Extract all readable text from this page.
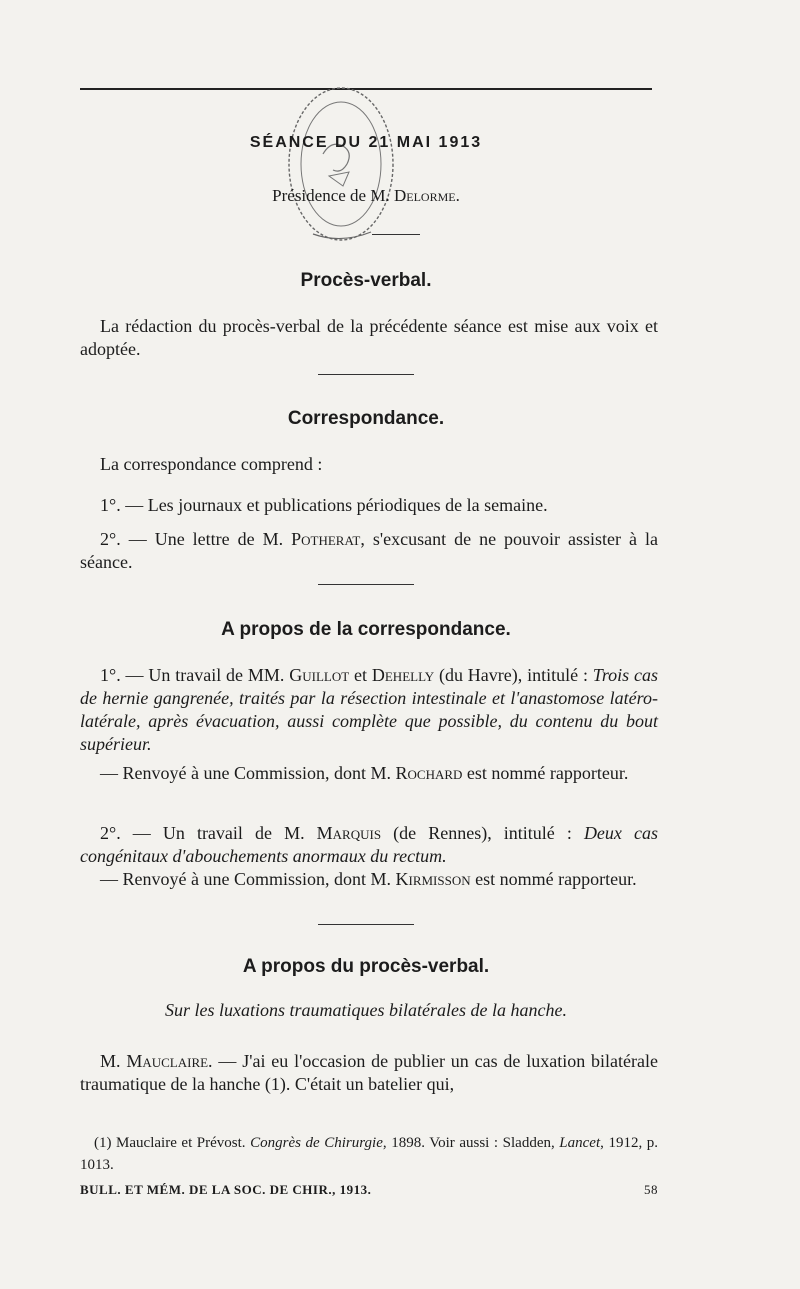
SÉANCE DU 21 MAI 1913
Présidence de M. Delorme.
Procès-verbal.
La rédaction du procès-verbal de la précédente séance est mise aux voix et adoptée.
Correspondance.
La correspondance comprend :
1°. — Les journaux et publications périodiques de la semaine.
2°. — Une lettre de M. Potherat, s'excusant de ne pouvoir assister à la séance.
A propos de la correspondance.
1°. — Un travail de MM. Guillot et Dehelly (du Havre), intitulé : Trois cas de hernie gangrenée, traités par la résection intestinale et l'anastomose latéro-latérale, après évacuation, aussi complète que possible, du contenu du bout supérieur.
— Renvoyé à une Commission, dont M. Rochard est nommé rapporteur.
2°. — Un travail de M. Marquis (de Rennes), intitulé : Deux cas congénitaux d'abouchements anormaux du rectum.
— Renvoyé à une Commission, dont M. Kirmisson est nommé rapporteur.
A propos du procès-verbal.
Sur les luxations traumatiques bilatérales de la hanche.
M. Mauclaire. — J'ai eu l'occasion de publier un cas de luxation bilatérale traumatique de la hanche (1). C'était un batelier qui,
(1) Mauclaire et Prévost. Congrès de Chirurgie, 1898. Voir aussi : Sladden, Lancet, 1912, p. 1013.
BULL. ET MÉM. DE LA SOC. DE CHIR., 1913.	58
